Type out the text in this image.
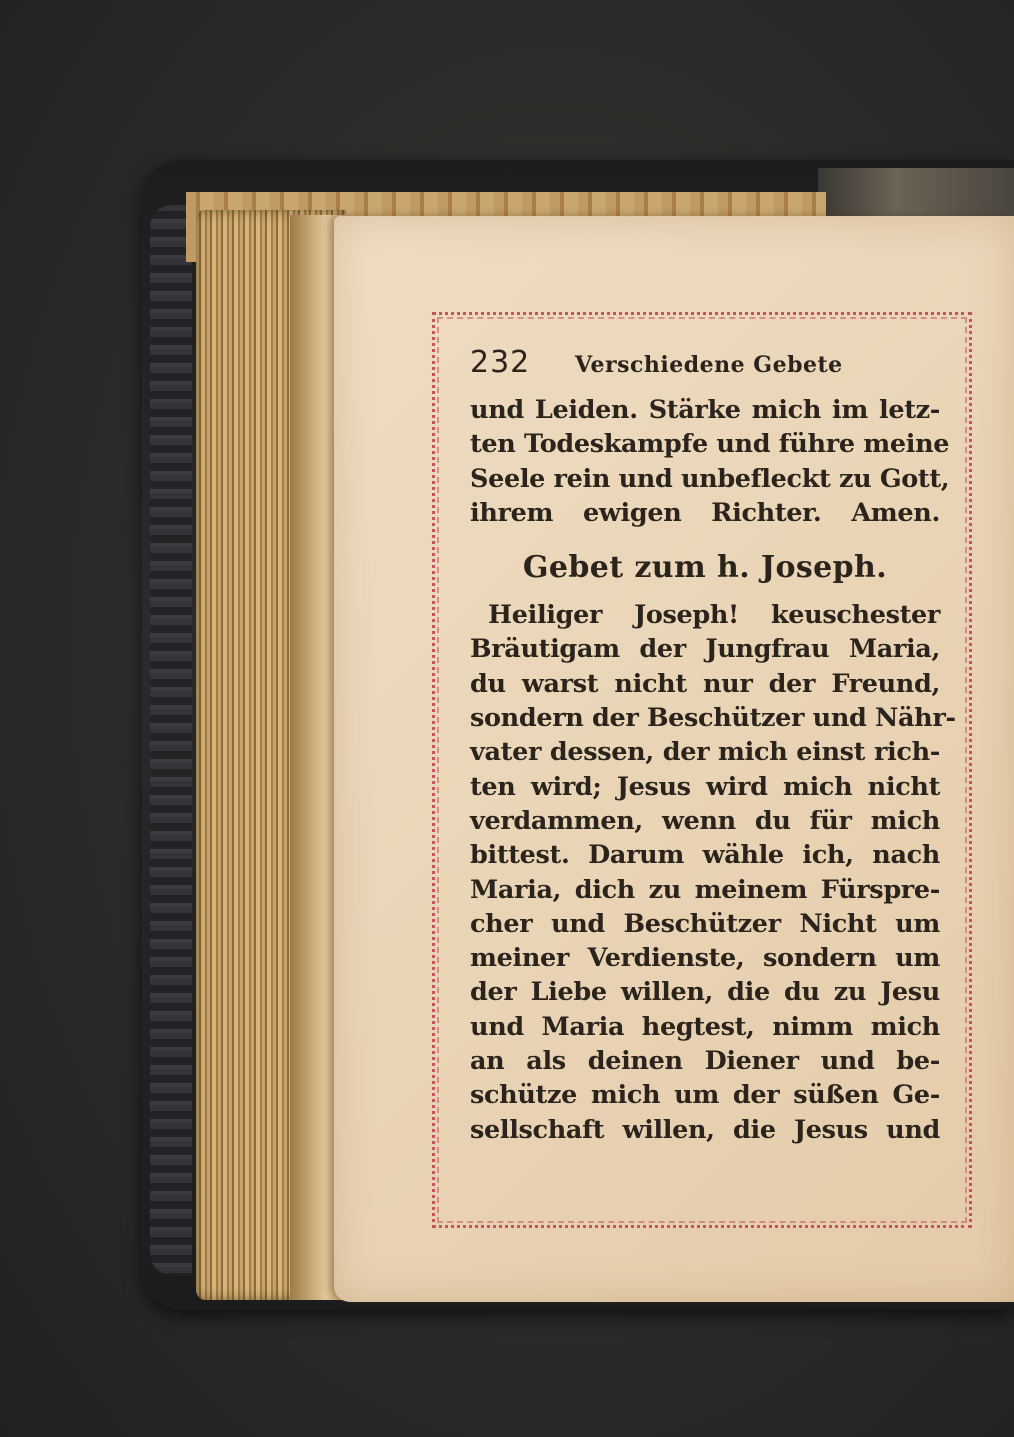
232	Verschiedene Gebete
und Leiden. Stärke mich im letz-
ten Todeskampfe und führe meine
Seele rein und unbefleckt zu Gott,
ihrem ewigen Richter. Amen.
Gebet zum h. Joseph.
Heiliger Joseph! keuschester
Bräutigam der Jungfrau Maria,
du warst nicht nur der Freund,
sondern der Beschützer und Nähr-
vater dessen, der mich einst rich-
ten wird; Jesus wird mich nicht
verdammen, wenn du für mich
bittest. Darum wähle ich, nach
Maria, dich zu meinem Fürspre-
cher und Beschützer Nicht um
meiner Verdienste, sondern um
der Liebe willen, die du zu Jesu
und Maria hegtest, nimm mich
an als deinen Diener und be-
schütze mich um der süßen Ge-
sellschaft willen, die Jesus und
